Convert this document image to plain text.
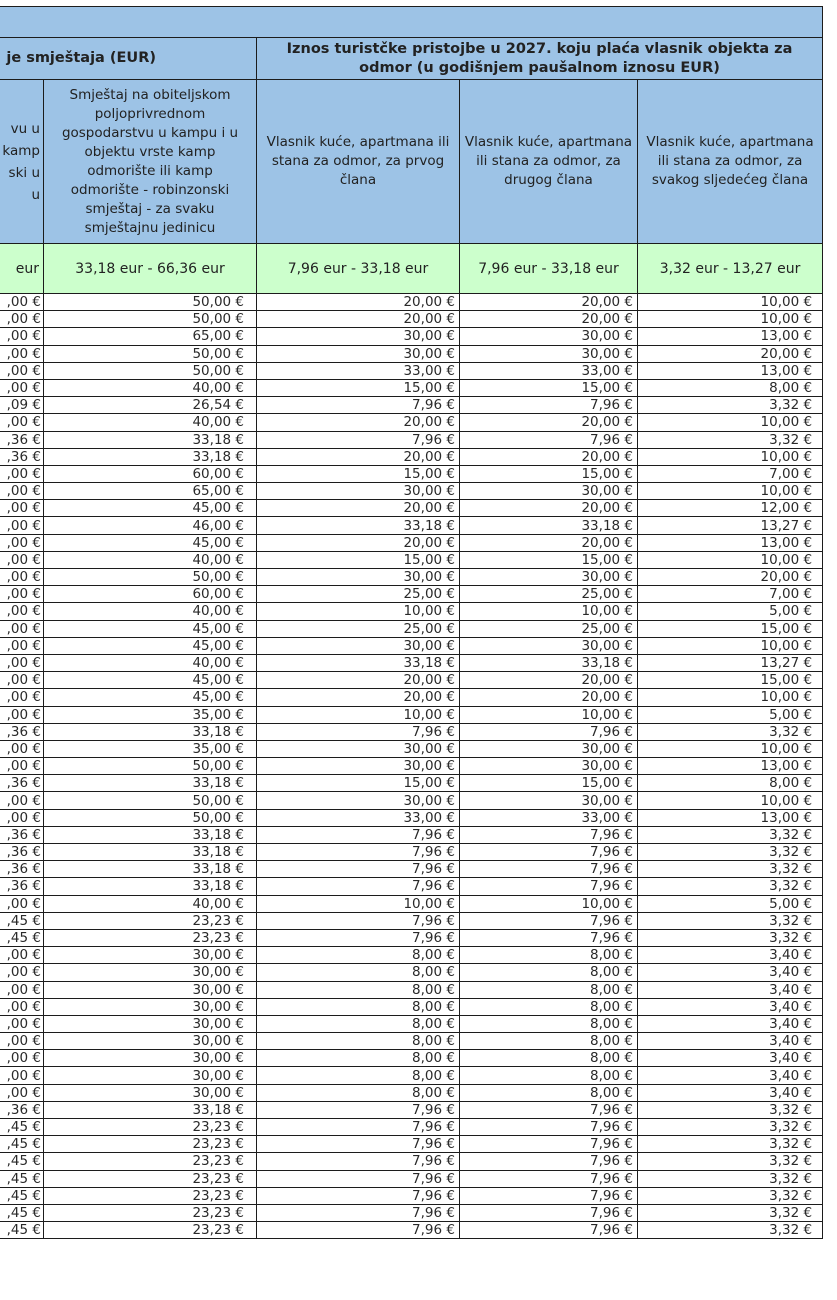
je smještaja (EUR)		Iznos turistčke pristojbe u 2027. koju plaća vlasnik objekta za odmor (u godišnjem paušalnom iznosu EUR)		
vu u kamp ski u u	Smještaj na obiteljskom poljoprivrednom gospodarstvu u kampu i u objektu vrste kamp odmorište ili kamp odmorište - robinzonski smještaj - za svaku smještajnu jedinicu	Vlasnik kuće, apartmana ili stana za odmor, za prvog člana	Vlasnik kuće, apartmana ili stana za odmor, za drugog člana	Vlasnik kuće, apartmana ili stana za odmor, za svakog sljedećeg člana
eur	33,18 eur - 66,36 eur	7,96 eur - 33,18 eur	7,96 eur - 33,18 eur	3,32 eur - 13,27 eur
,00 €	50,00 €	20,00 €	20,00 €	10,00 €
,00 €	50,00 €	20,00 €	20,00 €	10,00 €
,00 €	65,00 €	30,00 €	30,00 €	13,00 €
,00 €	50,00 €	30,00 €	30,00 €	20,00 €
,00 €	50,00 €	33,00 €	33,00 €	13,00 €
,00 €	40,00 €	15,00 €	15,00 €	8,00 €
,09 €	26,54 €	7,96 €	7,96 €	3,32 €
,00 €	40,00 €	20,00 €	20,00 €	10,00 €
,36 €	33,18 €	7,96 €	7,96 €	3,32 €
,36 €	33,18 €	20,00 €	20,00 €	10,00 €
,00 €	60,00 €	15,00 €	15,00 €	7,00 €
,00 €	65,00 €	30,00 €	30,00 €	10,00 €
,00 €	45,00 €	20,00 €	20,00 €	12,00 €
,00 €	46,00 €	33,18 €	33,18 €	13,27 €
,00 €	45,00 €	20,00 €	20,00 €	13,00 €
,00 €	40,00 €	15,00 €	15,00 €	10,00 €
,00 €	50,00 €	30,00 €	30,00 €	20,00 €
,00 €	60,00 €	25,00 €	25,00 €	7,00 €
,00 €	40,00 €	10,00 €	10,00 €	5,00 €
,00 €	45,00 €	25,00 €	25,00 €	15,00 €
,00 €	45,00 €	30,00 €	30,00 €	10,00 €
,00 €	40,00 €	33,18 €	33,18 €	13,27 €
,00 €	45,00 €	20,00 €	20,00 €	15,00 €
,00 €	45,00 €	20,00 €	20,00 €	10,00 €
,00 €	35,00 €	10,00 €	10,00 €	5,00 €
,36 €	33,18 €	7,96 €	7,96 €	3,32 €
,00 €	35,00 €	30,00 €	30,00 €	10,00 €
,00 €	50,00 €	30,00 €	30,00 €	13,00 €
,36 €	33,18 €	15,00 €	15,00 €	8,00 €
,00 €	50,00 €	30,00 €	30,00 €	10,00 €
,00 €	50,00 €	33,00 €	33,00 €	13,00 €
,36 €	33,18 €	7,96 €	7,96 €	3,32 €
,36 €	33,18 €	7,96 €	7,96 €	3,32 €
,36 €	33,18 €	7,96 €	7,96 €	3,32 €
,36 €	33,18 €	7,96 €	7,96 €	3,32 €
,00 €	40,00 €	10,00 €	10,00 €	5,00 €
,45 €	23,23 €	7,96 €	7,96 €	3,32 €
,45 €	23,23 €	7,96 €	7,96 €	3,32 €
,00 €	30,00 €	8,00 €	8,00 €	3,40 €
,00 €	30,00 €	8,00 €	8,00 €	3,40 €
,00 €	30,00 €	8,00 €	8,00 €	3,40 €
,00 €	30,00 €	8,00 €	8,00 €	3,40 €
,00 €	30,00 €	8,00 €	8,00 €	3,40 €
,00 €	30,00 €	8,00 €	8,00 €	3,40 €
,00 €	30,00 €	8,00 €	8,00 €	3,40 €
,00 €	30,00 €	8,00 €	8,00 €	3,40 €
,00 €	30,00 €	8,00 €	8,00 €	3,40 €
,36 €	33,18 €	7,96 €	7,96 €	3,32 €
,45 €	23,23 €	7,96 €	7,96 €	3,32 €
,45 €	23,23 €	7,96 €	7,96 €	3,32 €
,45 €	23,23 €	7,96 €	7,96 €	3,32 €
,45 €	23,23 €	7,96 €	7,96 €	3,32 €
,45 €	23,23 €	7,96 €	7,96 €	3,32 €
,45 €	23,23 €	7,96 €	7,96 €	3,32 €
,45 €	23,23 €	7,96 €	7,96 €	3,32 €
